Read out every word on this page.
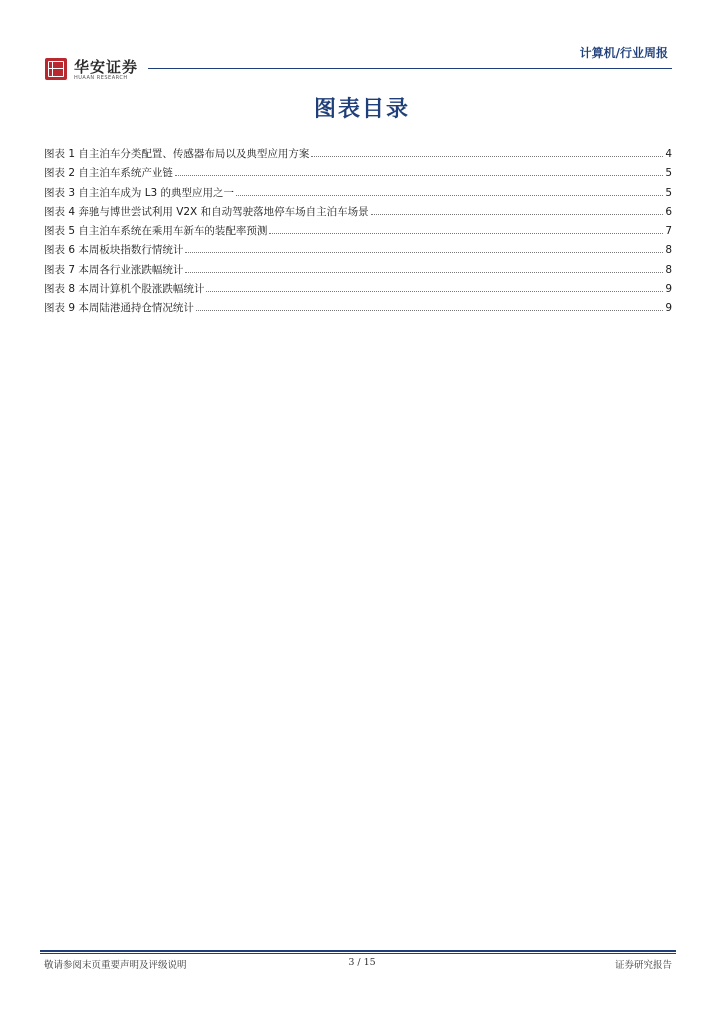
华安证券
HUAAN RESEARCH
计算机/行业周报
图表目录
图表 1 自主泊车分类配置、传感器布局以及典型应用方案	4
图表 2 自主泊车系统产业链	5
图表 3 自主泊车成为 L3 的典型应用之一	5
图表 4 奔驰与博世尝试利用 V2X 和自动驾驶落地停车场自主泊车场景	6
图表 5 自主泊车系统在乘用车新车的装配率预测	7
图表 6 本周板块指数行情统计	8
图表 7 本周各行业涨跌幅统计	8
图表 8 本周计算机个股涨跌幅统计	9
图表 9 本周陆港通持仓情况统计	9
敬请参阅末页重要声明及评级说明	3 / 15	证券研究报告
